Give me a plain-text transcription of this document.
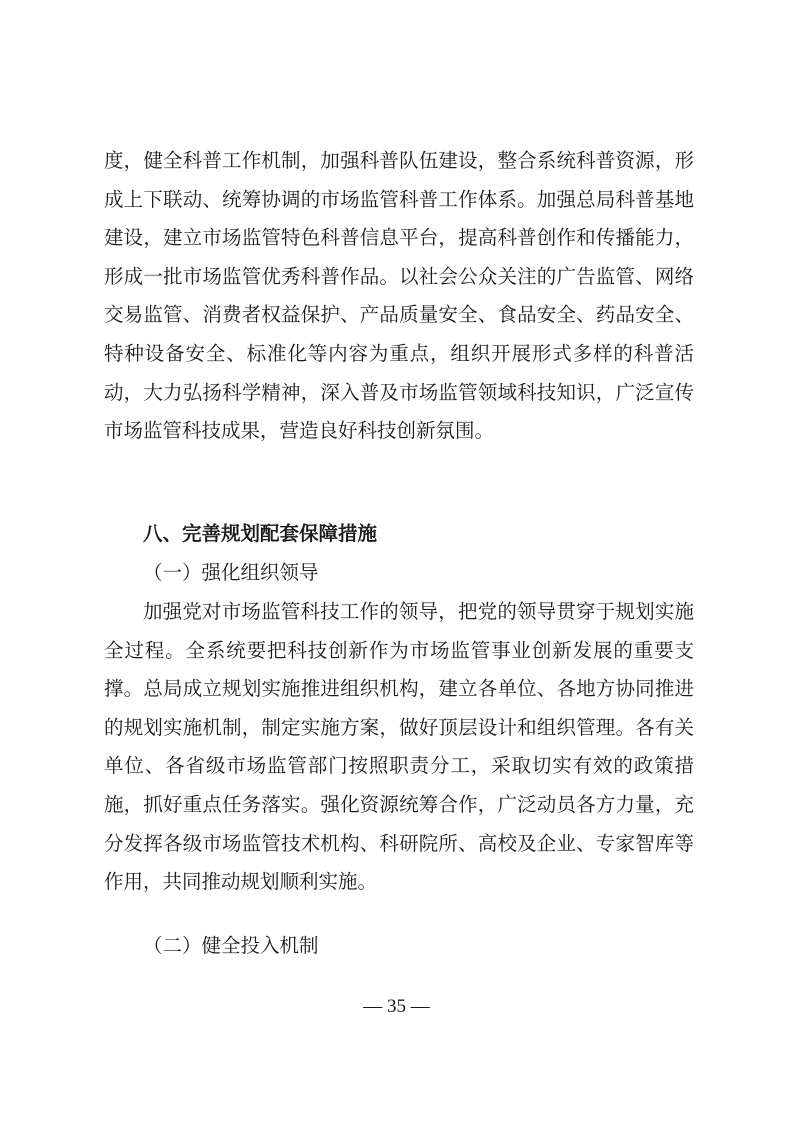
度，健全科普工作机制，加强科普队伍建设，整合系统科普资源，形成上下联动、统筹协调的市场监管科普工作体系。加强总局科普基地建设，建立市场监管特色科普信息平台，提高科普创作和传播能力，形成一批市场监管优秀科普作品。以社会公众关注的广告监管、网络交易监管、消费者权益保护、产品质量安全、食品安全、药品安全、特种设备安全、标准化等内容为重点，组织开展形式多样的科普活动，大力弘扬科学精神，深入普及市场监管领域科技知识，广泛宣传市场监管科技成果，营造良好科技创新氛围。

八、完善规划配套保障措施

（一）强化组织领导

加强党对市场监管科技工作的领导，把党的领导贯穿于规划实施全过程。全系统要把科技创新作为市场监管事业创新发展的重要支撑。总局成立规划实施推进组织机构，建立各单位、各地方协同推进的规划实施机制，制定实施方案，做好顶层设计和组织管理。各有关单位、各省级市场监管部门按照职责分工，采取切实有效的政策措施，抓好重点任务落实。强化资源统筹合作，广泛动员各方力量，充分发挥各级市场监管技术机构、科研院所、高校及企业、专家智库等作用，共同推动规划顺利实施。

（二）健全投入机制

— 35 —
